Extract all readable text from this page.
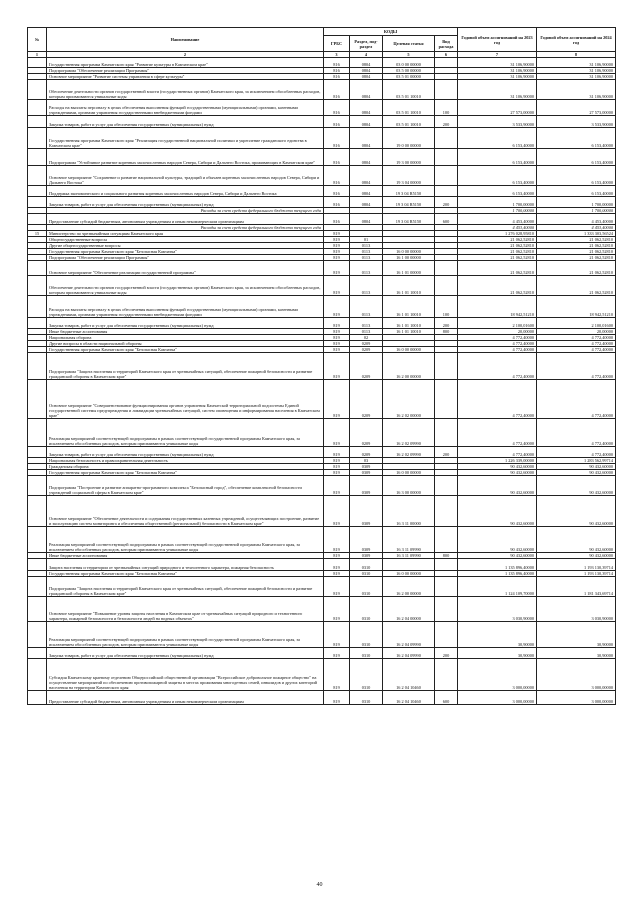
№	Наименование	КОДЫ				Годовой объем ассигнований на 2023 год	Годовой объем ассигнований на 2024 год
		ГРБС	Раздел, под-раздел	Целевая статья	Вид расхода		
1	2	3	4	5	6	7	8
	Государственная программа Камчатского края "Развитие культуры в Камчатском крае"	816	0804	03 0 00 00000		31 106,90000	31 106,90000
	Подпрограмма "Обеспечение реализации Программы"	816	0804	03 5 00 00000		31 106,90000	31 106,90000
	Основное мероприятие "Развитие системы управления в сфере культуры"	816	0804	03 5 01 00000		31 106,90000	31 106,90000
	Обеспечение деятельности органов государственной власти (государственных органов) Камчатского края, за исключением обособленных расходов, которым присваиваются уникальные коды	816	0804	03 5 01 10010		31 106,90000	31 106,90000
	Расходы на выплаты персоналу в целях обеспечения выполнения функций государственными (муниципальными) органами, казенными учреждениями, органами управления государственными внебюджетными фондами	816	0804	03 5 01 10010	100	27 573,00000	27 573,00000
	Закупка товаров, работ и услуг для обеспечения государственных (муниципальных) нужд	816	0804	03 5 01 10010	200	3 533,90000	3 533,90000
	Государственная программа Камчатского края "Реализация государственной национальной политики и укрепление гражданского единства в Камчатском крае"	816	0804	19 0 00 00000		6 153,40000	6 153,40000
	Подпрограмма "Устойчивое развитие коренных малочисленных народов Севера, Сибири и Дальнего Востока, проживающих в Камчатском крае"	816	0804	19 3 00 00000		6 153,40000	6 153,40000
	Основное мероприятие "Сохранение и развитие национальной культуры, традиций и обычаев коренных малочисленных народов Севера, Сибири и Дальнего Востока"	816	0804	19 3 04 00000		6 153,40000	6 153,40000
	Поддержка экономического и социального развития коренных малочисленных народов Севера, Сибири и Дальнего Востока	816	0804	19 3 04 R5150		6 153,40000	6 153,40000
	Закупка товаров, работ и услуг для обеспечения государственных (муниципальных) нужд	816	0804	19 3 04 R5150	200	1 700,00000	1 700,00000
	Расходы за счет средств федерального бюджета текущего года					1 700,00000	1 700,00000
	Предоставление субсидий бюджетным, автономным учреждениям и иным некоммерческим организациям	816	0804	19 3 04 R5150	600	4 453,40000	4 453,40000
	Расходы за счет средств федерального бюджета текущего года					4 453,40000	4 453,40000
15	Министерство по чрезвычайным ситуациям Камчатского края	819				1 276 028,95810	1 333 303,56524
	Общегосударственные вопросы	819	01			21 062,52810	21 062,52810
	Другие общегосударственные вопросы	819	0113			21 062,52810	21 062,52810
	Государственная программа Камчатского края "Безопасная Камчатка"	819	0113	16 0 00 00000		21 062,52810	21 062,52810
	Подпрограмма "Обеспечение реализации Программы"	819	0113	16 1 00 00000		21 062,52810	21 062,52810
	Основное мероприятие "Обеспечение реализации государственной программы"	819	0113	16 1 01 00000		21 062,52810	21 062,52810
	Обеспечение деятельности органов государственной власти (государственных органов) Камчатского края, за исключением обособленных расходов, которым присваиваются уникальные коды	819	0113	16 1 01 10010		21 062,52810	21 062,52810
	Расходы на выплаты персоналу в целях обеспечения выполнения функций государственными (муниципальными) органами, казенными учреждениями, органами управления государственными внебюджетными фондами	819	0113	16 1 01 10010	100	18 942,51210	18 942,51210
	Закупка товаров, работ и услуг для обеспечения государственных (муниципальных) нужд	819	0113	16 1 01 10010	200	2 100,01600	2 100,01600
	Иные бюджетные ассигнования	819	0113	16 1 01 10010	800	20,00000	20,00000
	Национальная оборона	819	02			4 772,40000	4 772,40000
	Другие вопросы в области национальной обороны	819	0209			4 772,40000	4 772,40000
	Государственная программа Камчатского края "Безопасная Камчатка"	819	0209	16 0 00 00000		4 772,40000	4 772,40000
	Подпрограмма "Защита населения и территорий Камчатского края от чрезвычайных ситуаций, обеспечение пожарной безопасности и развитие гражданской обороны в Камчатском крае"	819	0209	16 2 00 00000		4 772,40000	4 772,40000
	Основное мероприятие "Совершенствование функционирования органов управления Камчатской территориальной подсистемы Единой государственной системы предупреждения и ликвидации чрезвычайных ситуаций, систем оповещения и информирования населения в Камчатском крае"	819	0209	16 2 02 00000		4 772,40000	4 772,40000
	Реализация мероприятий соответствующей подпрограммы в рамках соответствующей государственной программы Камчатского края, за исключением обособленных расходов, которым присваиваются уникальные коды	819	0209	16 2 02 09990		4 772,40000	4 772,40000
	Закупка товаров, работ и услуг для обеспечения государственных (муниципальных) нужд	819	0209	16 2 02 09990	200	4 772,40000	4 772,40000
	Национальная безопасность и правоохранительная деятельность	819	03			1 226 339,00000	1 283 562,99714
	Гражданская оборона	819	0309			90 432,60000	90 432,60000
	Государственная программа Камчатского края "Безопасная Камчатка"	819	0309	16 0 00 00000		90 432,60000	90 432,60000
	Подпрограмма "Построение и развитие аппаратно-программного комплекса "Безопасный город", обеспечение комплексной безопасности учреждений социальной сферы в Камчатском крае"	819	0309	16 3 00 00000		90 432,60000	90 432,60000
	Основное мероприятие "Обеспечение деятельности и содержания государственных казенных учреждений, осуществляющих построение, развитие и эксплуатацию систем мониторинга и обеспечения общественной (региональной) безопасности в Камчатском крае"	819	0309	16 3 11 00000		90 432,60000	90 432,60000
	Реализация мероприятий соответствующей подпрограммы в рамках соответствующей государственной программы Камчатского края, за исключением обособленных расходов, которым присваиваются уникальные коды	819	0309	16 3 11 09990		90 432,60000	90 432,60000
	Иные бюджетные ассигнования	819	0309	16 3 11 09990	800	90 432,60000	90 432,60000
	Защита населения и территории от чрезвычайных ситуаций природного и техногенного характера, пожарная безопасность	819	0310			1 135 896,40000	1 193 130,39714
	Государственная программа Камчатского края "Безопасная Камчатка"	819	0310	16 0 00 00000		1 135 896,40000	1 193 130,39714
	Подпрограмма "Защита населения и территорий Камчатского края от чрезвычайных ситуаций, обеспечение пожарной безопасности и развитие гражданской обороны в Камчатском крае"	819	0310	16 2 00 00000		1 124 109,70000	1 181 343,69714
	Основное мероприятие "Повышение уровня защиты населения в Камчатском крае от чрезвычайных ситуаций природного и техногенного характера, пожарной безопасности и безопасности людей на водных объектах"	819	0310	16 2 04 00000		3 030,90000	3 030,90000
	Реализация мероприятий соответствующей подпрограммы в рамках соответствующей государственной программы Камчатского края, за исключением обособленных расходов, которым присваиваются уникальные коды	819	0310	16 2 04 09990		30,90000	30,90000
	Закупка товаров, работ и услуг для обеспечения государственных (муниципальных) нужд	819	0310	16 2 04 09990	200	30,90000	30,90000
	Субсидия Камчатскому краевому отделению Общероссийской общественной организации "Всероссийское добровольное пожарное общество" на осуществление мероприятий по обеспечению противопожарной защиты в местах проживания многодетных семей, инвалидов и других категорий населения на территории Камчатского края	819	0310	16 2 04 10460		3 000,00000	3 000,00000
	Предоставление субсидий бюджетным, автономным учреждениям и иным некоммерческим организациям	819	0310	16 2 04 10460	600	3 000,00000	3 000,00000
40
